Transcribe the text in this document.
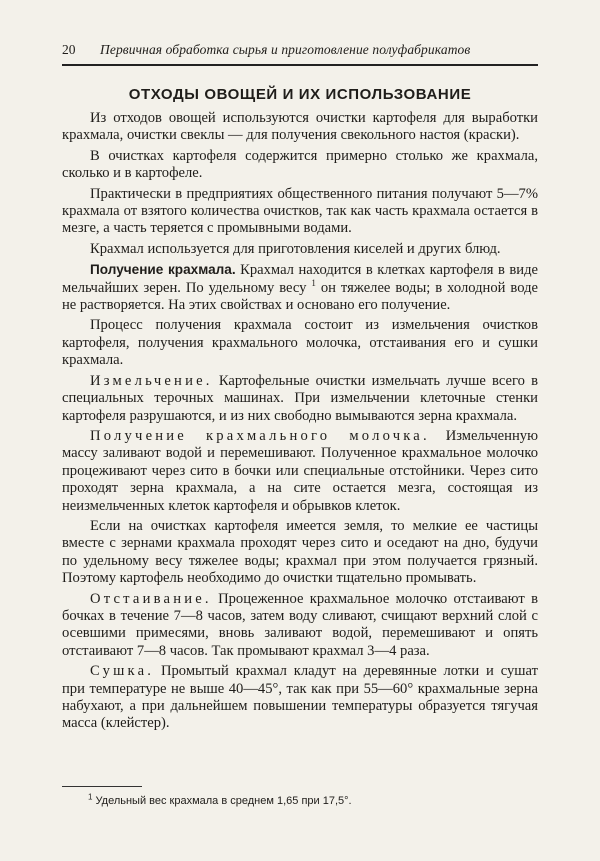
20	Первичная обработка сырья и приготовление полуфабрикатов
ОТХОДЫ ОВОЩЕЙ И ИХ ИСПОЛЬЗОВАНИЕ

Из отходов овощей используются очистки картофеля для выработки крахмала, очистки свеклы — для получения свекольного настоя (краски).

В очистках картофеля содержится примерно столько же крахмала, сколько и в картофеле.

Практически в предприятиях общественного питания получают 5—7% крахмала от взятого количества очистков, так как часть крахмала остается в мезге, а часть теряется с промывными водами.

Крахмал используется для приготовления киселей и других блюд.

Получение крахмала. Крахмал находится в клетках картофеля в виде мельчайших зерен. По удельному весу $^1$ он тяжелее воды; в холодной воде не растворяется. На этих свойствах и основано его получение.

Процесс получения крахмала состоит из измельчения очистков картофеля, получения крахмального молочка, отстаивания его и сушки крахмала.

Измельчение. Картофельные очистки измельчать лучше всего в специальных терочных машинах. При измельчении клеточные стенки картофеля разрушаются, и из них свободно вымываются зерна крахмала.

Получение крахмального молочка. Измельченную массу заливают водой и перемешивают. Полученное крахмальное молочко процеживают через сито в бочки или специальные отстойники. Через сито проходят зерна крахмала, а на сите остается мезга, состоящая из неизмельченных клеток картофеля и обрывков клеток.

Если на очистках картофеля имеется земля, то мелкие ее частицы вместе с зернами крахмала проходят через сито и оседают на дно, будучи по удельному весу тяжелее воды; крахмал при этом получается грязный. Поэтому картофель необходимо до очистки тщательно промывать.

Отстаивание. Процеженное крахмальное молочко отстаивают в бочках в течение 7—8 часов, затем воду сливают, счищают верхний слой с осевшими примесями, вновь заливают водой, перемешивают и опять отстаивают 7—8 часов. Так промывают крахмал 3—4 раза.

Сушка. Промытый крахмал кладут на деревянные лотки и сушат при температуре не выше 40—45°, так как при 55—60° крахмальные зерна набухают, а при дальнейшем повышении температуры образуется тягучая масса (клейстер).

$^1$ Удельный вес крахмала в среднем 1,65 при 17,5°.
